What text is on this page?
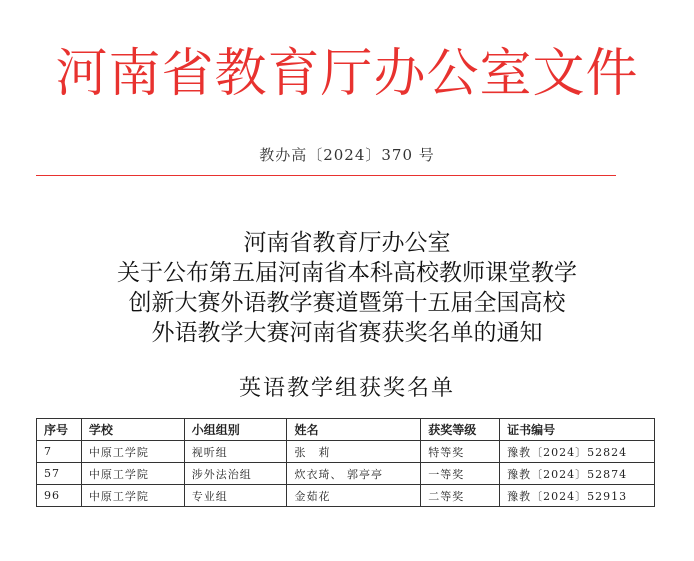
河南省教育厅办公室文件
教办高〔2024〕370 号
河南省教育厅办公室
关于公布第五届河南省本科高校教师课堂教学
创新大赛外语教学赛道暨第十五届全国高校
外语教学大赛河南省赛获奖名单的通知
英语教学组获奖名单
序号	学校	小组组别	姓名	获奖等级	证书编号
7	中原工学院	视听组	张　莉	特等奖	豫教〔2024〕52824
57	中原工学院	涉外法治组	炊衣琦、 郭亭亭	一等奖	豫教〔2024〕52874
96	中原工学院	专业组	金茹花	二等奖	豫教〔2024〕52913
